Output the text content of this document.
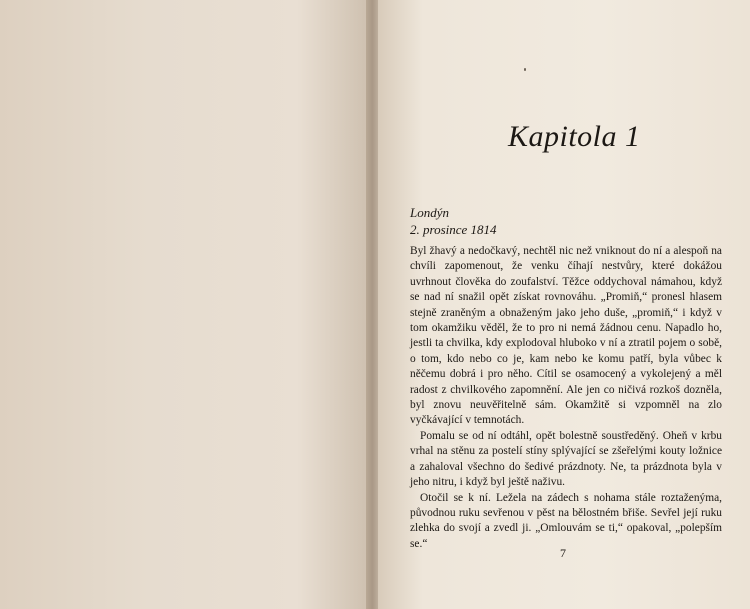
Kapitola 1
Londýn
2. prosince 1814

Byl žhavý a nedočkavý, nechtěl nic než vniknout do ní a alespoň na chvíli zapomenout, že venku číhají nestvůry, které dokážou uvrhnout člověka do zoufalství. Těžce oddychoval námahou, když se nad ní snažil opět získat rovnováhu. „Promiň,“ pronesl hlasem stejně zraněným a obnaženým jako jeho duše, „promiň,“ i když v tom okamžiku věděl, že to pro ni nemá žádnou cenu. Napadlo ho, jestli ta chvilka, kdy explodoval hluboko v ní a ztratil pojem o sobě, o tom, kdo nebo co je, kam nebo ke komu patří, byla vůbec k něčemu dobrá i pro něho. Cítil se osamocený a vykolejený a měl radost z chvilkového zapomnění. Ale jen co ničivá rozkoš dozněla, byl znovu neuvěřitelně sám. Okamžitě si vzpomněl na zlo vyčkávající v temnotách.

Pomalu se od ní odtáhl, opět bolestně soustředěný. Oheň v krbu vrhal na stěnu za postelí stíny splývající se zšeřelými kouty ložnice a zahaloval všechno do šedivé prázdnoty. Ne, ta prázdnota byla v jeho nitru, i když byl ještě naživu.

Otočil se k ní. Ležela na zádech s nohama stále roztaženýma, původnou ruku sevřenou v pěst na bělostném břiše. Sevřel její ruku zlehka do svojí a zvedl ji. „Omlouvám se ti,“ opakoval, „polepším se.“

7
